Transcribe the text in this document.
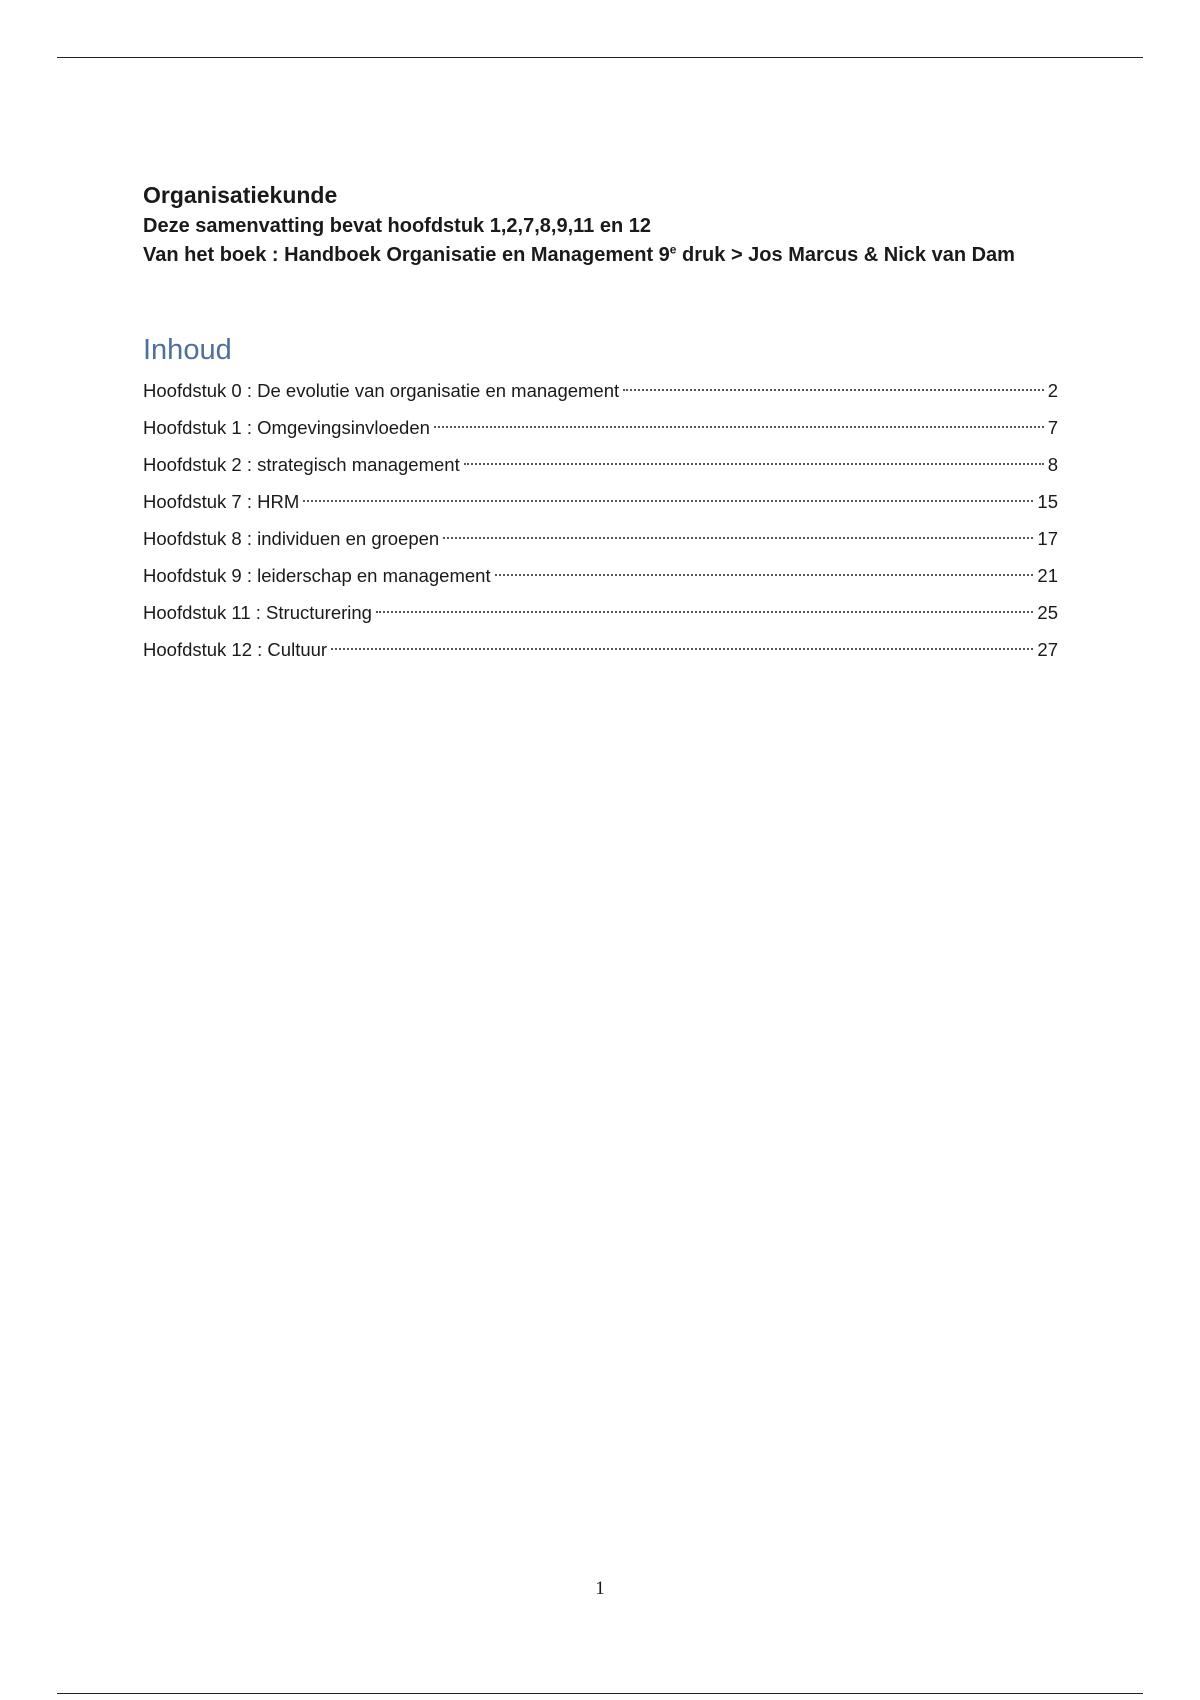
Organisatiekunde

Deze samenvatting bevat hoofdstuk 1,2,7,8,9,11 en 12

Van het boek : Handboek Organisatie en Management 9e druk > Jos Marcus & Nick van Dam

Inhoud
Hoofdstuk 0 : De evolutie van organisatie en management	2
Hoofdstuk 1 : Omgevingsinvloeden	7
Hoofdstuk 2 : strategisch management	8
Hoofdstuk 7 : HRM	15
Hoofdstuk 8 : individuen en groepen	17
Hoofdstuk 9 : leiderschap en management	21
Hoofdstuk 11 : Structurering	25
Hoofdstuk 12 : Cultuur	27
1
